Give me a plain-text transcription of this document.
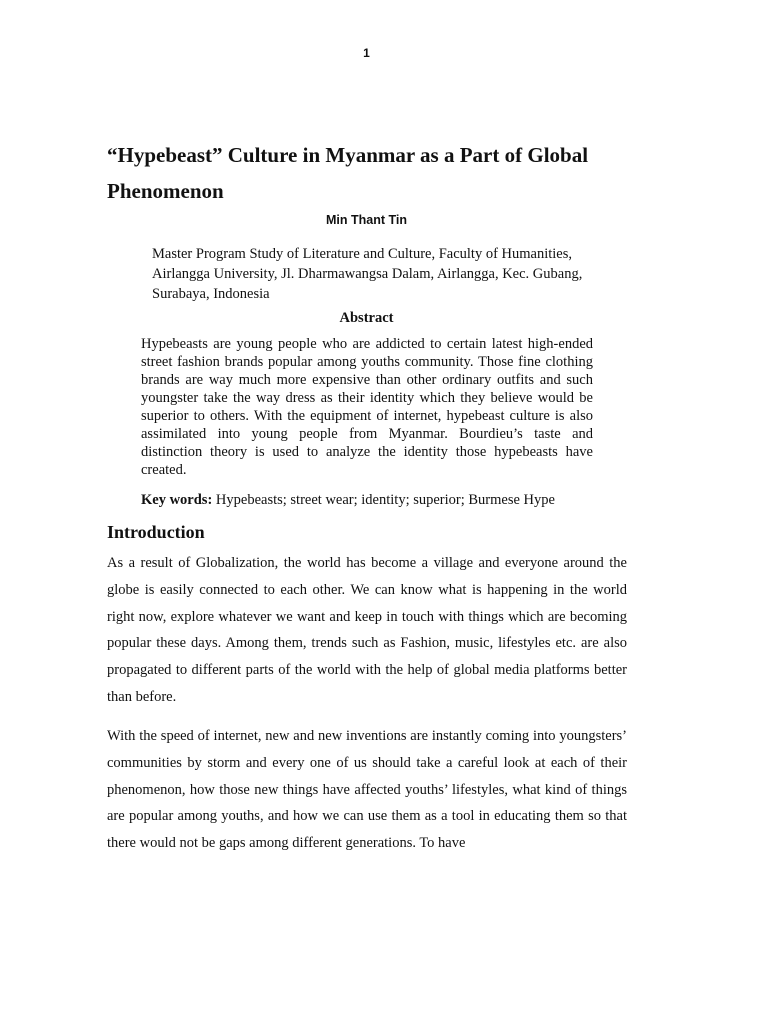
1
“Hypebeast” Culture in Myanmar as a Part of Global Phenomenon
Min Thant Tin

Master Program Study of Literature and Culture, Faculty of Humanities, Airlangga University, Jl. Dharmawangsa Dalam, Airlangga, Kec. Gubang, Surabaya, Indonesia

Abstract

Hypebeasts are young people who are addicted to certain latest high-ended street fashion brands popular among youths community. Those fine clothing brands are way much more expensive than other ordinary outfits and such youngster take the way dress as their identity which they believe would be superior to others. With the equipment of internet, hypebeast culture is also assimilated into young people from Myanmar. Bourdieu’s taste and distinction theory is used to analyze the identity those hypebeasts have created.

Key words: Hypebeasts; street wear; identity; superior; Burmese Hype

Introduction

As a result of Globalization, the world has become a village and everyone around the globe is easily connected to each other. We can know what is happening in the world right now, explore whatever we want and keep in touch with things which are becoming popular these days. Among them, trends such as Fashion, music, lifestyles etc. are also propagated to different parts of the world with the help of global media platforms better than before.

With the speed of internet, new and new inventions are instantly coming into youngsters’ communities by storm and every one of us should take a careful look at each of their phenomenon, how those new things have affected youths’ lifestyles, what kind of things are popular among youths, and how we can use them as a tool in educating them so that there would not be gaps among different generations. To have
